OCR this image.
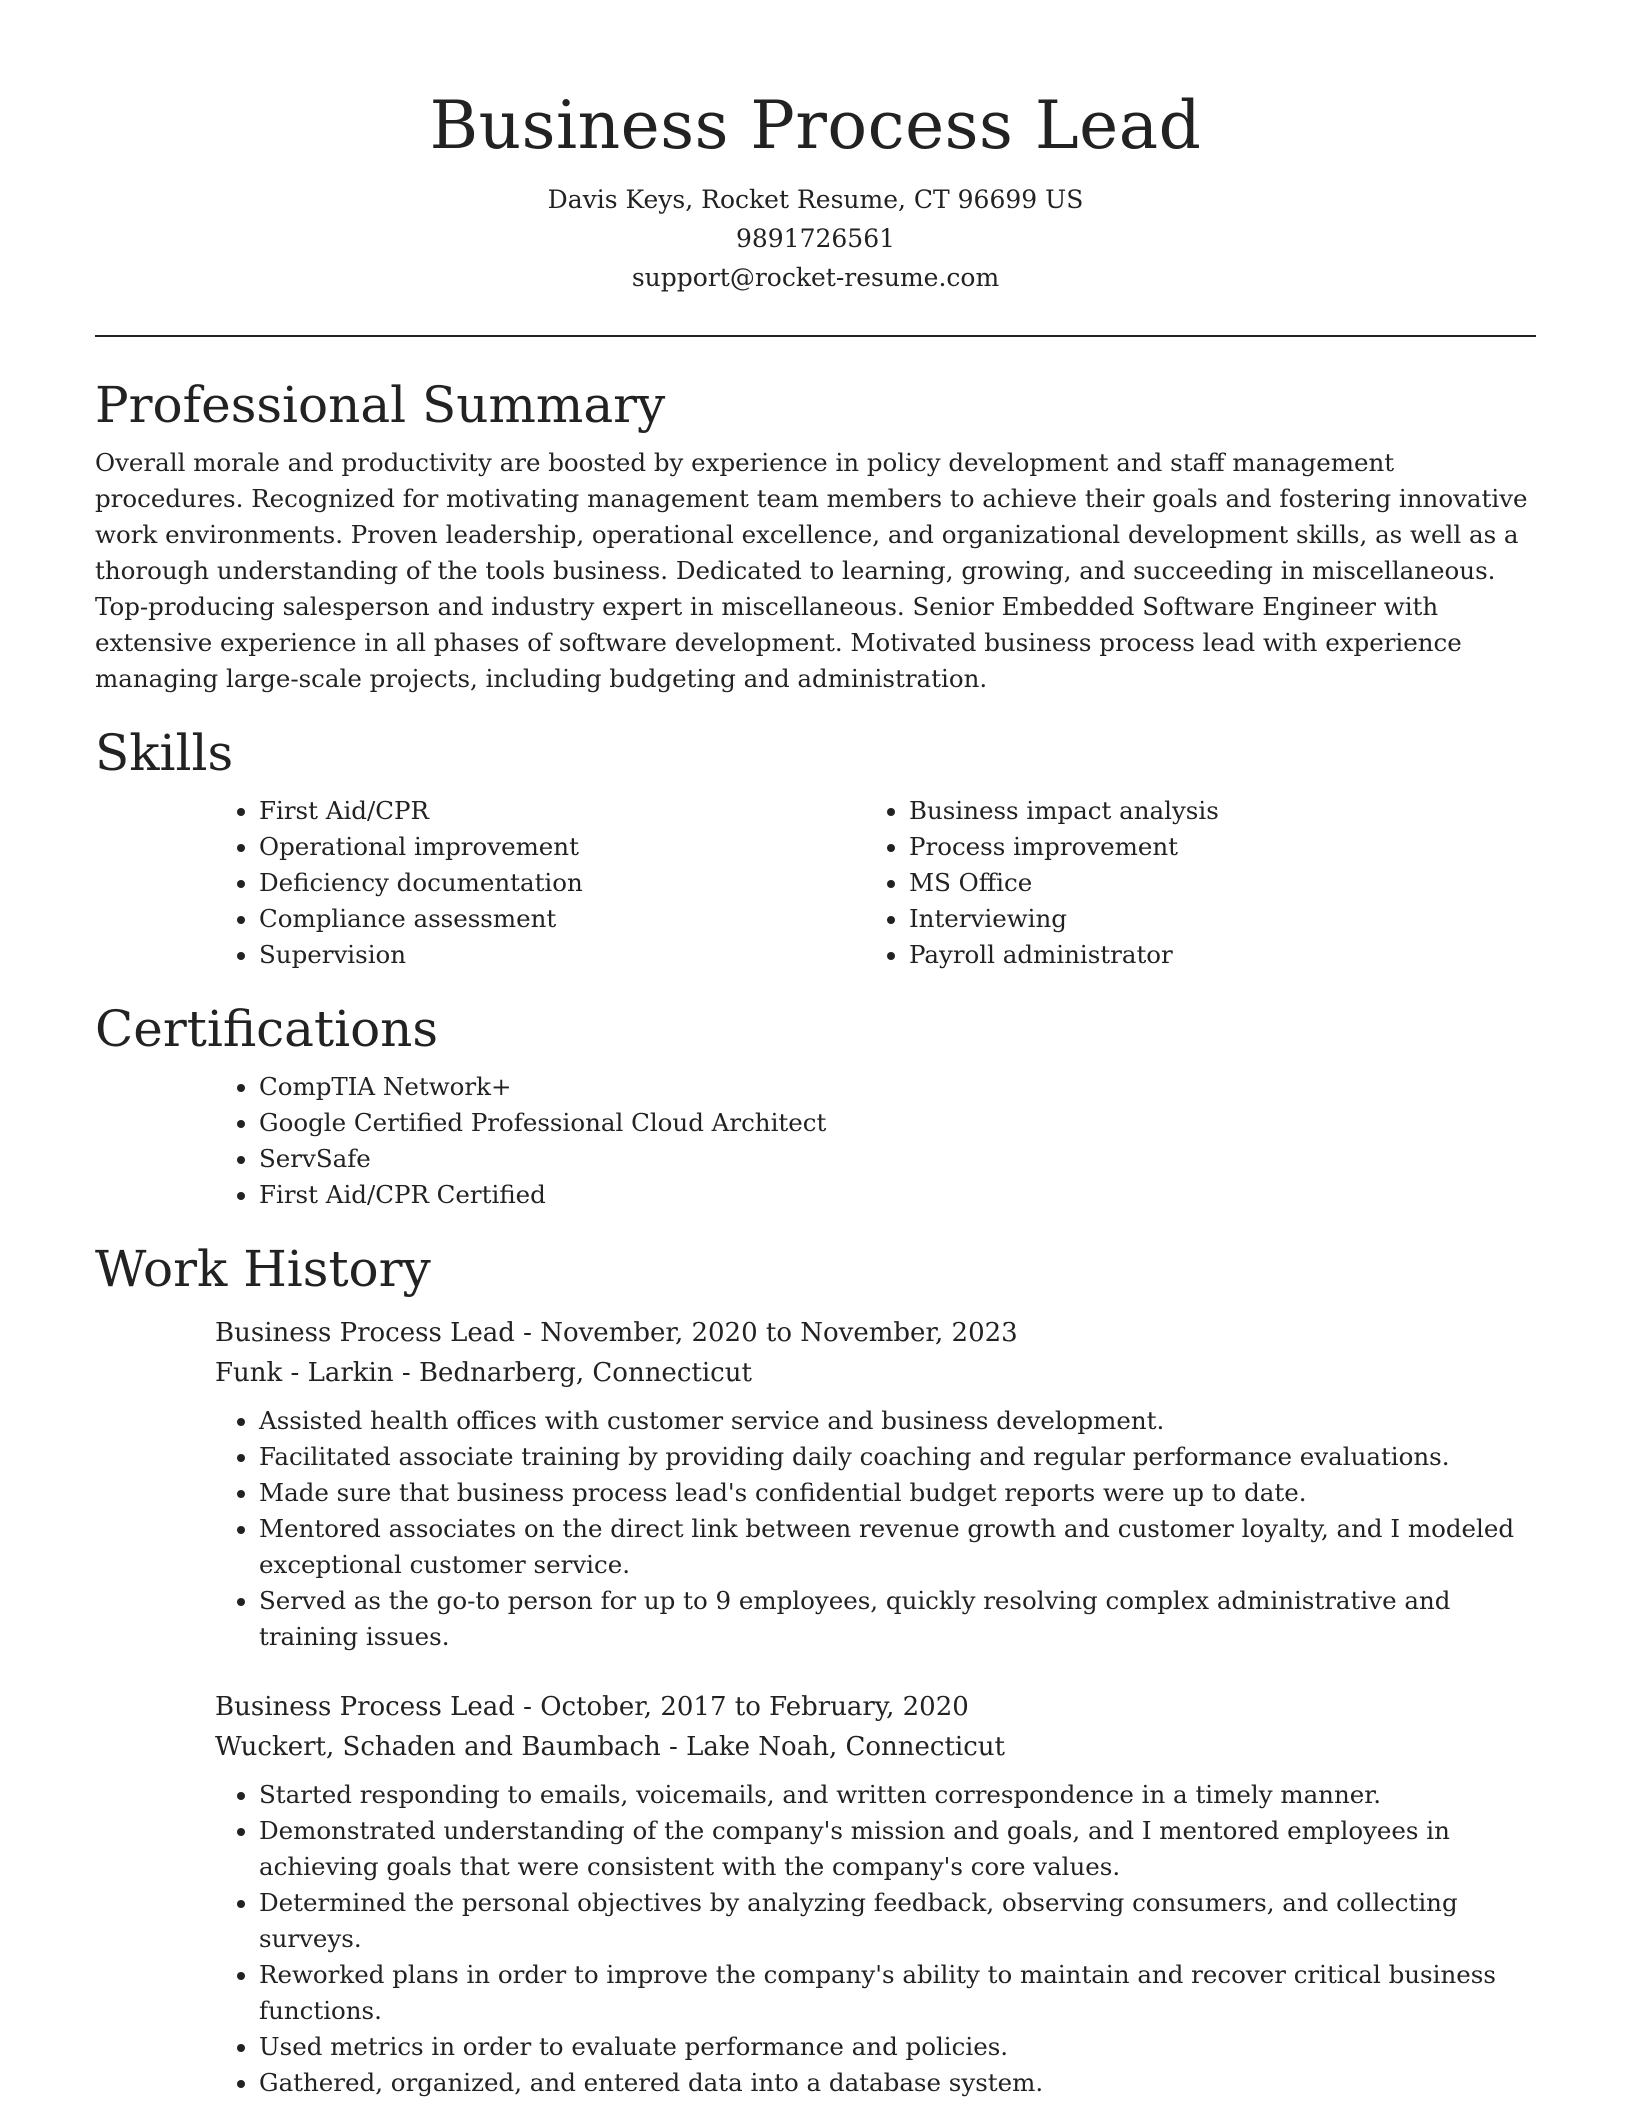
Business Process Lead
Davis Keys, Rocket Resume, CT 96699 US
9891726561
support@rocket-resume.com
Professional Summary

Overall morale and productivity are boosted by experience in policy development and staff management procedures. Recognized for motivating management team members to achieve their goals and fostering innovative work environments. Proven leadership, operational excellence, and organizational development skills, as well as a thorough understanding of the tools business. Dedicated to learning, growing, and succeeding in miscellaneous. Top-producing salesperson and industry expert in miscellaneous. Senior Embedded Software Engineer with extensive experience in all phases of software development. Motivated business process lead with experience managing large-scale projects, including budgeting and administration.

Skills
• First Aid/CPR
• Operational improvement
• Deficiency documentation
• Compliance assessment
• Supervision
• Business impact analysis
• Process improvement
• MS Office
• Interviewing
• Payroll administrator
Certifications
• CompTIA Network+
• Google Certified Professional Cloud Architect
• ServSafe
• First Aid/CPR Certified
Work History
Business Process Lead - November, 2020 to November, 2023
Funk - Larkin - Bednarberg, Connecticut
• Assisted health offices with customer service and business development.
• Facilitated associate training by providing daily coaching and regular performance evaluations.
• Made sure that business process lead's confidential budget reports were up to date.
• Mentored associates on the direct link between revenue growth and customer loyalty, and I modeled exceptional customer service.
• Served as the go-to person for up to 9 employees, quickly resolving complex administrative and training issues.
Business Process Lead - October, 2017 to February, 2020
Wuckert, Schaden and Baumbach - Lake Noah, Connecticut
• Started responding to emails, voicemails, and written correspondence in a timely manner.
• Demonstrated understanding of the company's mission and goals, and I mentored employees in achieving goals that were consistent with the company's core values.
• Determined the personal objectives by analyzing feedback, observing consumers, and collecting surveys.
• Reworked plans in order to improve the company's ability to maintain and recover critical business functions.
• Used metrics in order to evaluate performance and policies.
• Gathered, organized, and entered data into a database system.
